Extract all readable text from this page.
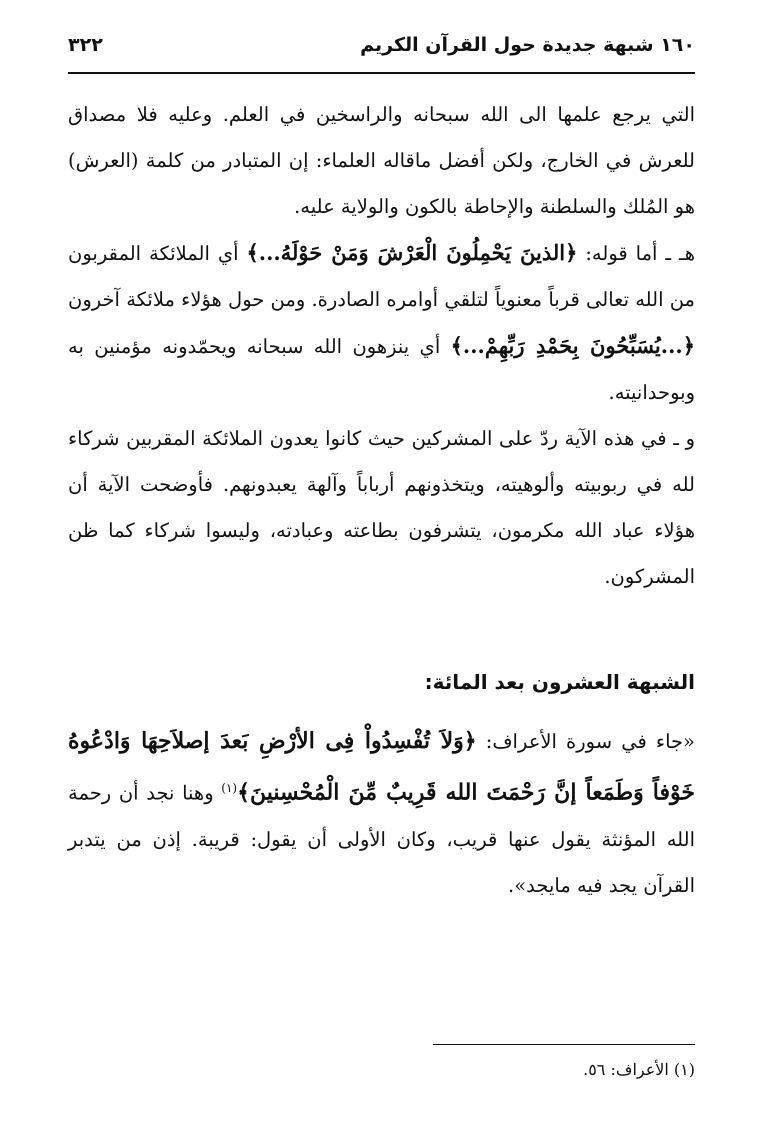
١٦٠ شبهة جديدة حول القرآن الكريم
٣٢٢

التي يرجع علمها الى الله سبحانه والراسخين في العلم. وعليه فلا مصداق للعرش في الخارج، ولكن أفضل ماقاله العلماء: إن المتبادر من كلمة (العرش) هو المُلك والسلطنة والإحاطة بالكون والولاية عليه.

هـ ـ أما قوله: ﴿الذينَ يَحْمِلُونَ الْعَرْشَ وَمَنْ حَوْلَهُ...﴾ أي الملائكة المقربون من الله تعالى قرباً معنوياً لتلقي أوامره الصادرة. ومن حول هؤلاء ملائكة آخرون ﴿...يُسَبِّحُونَ بِحَمْدِ رَبِّهِمْ...﴾ أي ينزهون الله سبحانه ويحمّدونه مؤمنين به وبوحدانيته.

و ـ في هذه الآية ردّ على المشركين حيث كانوا يعدون الملائكة المقربين شركاء لله في ربوبيته وألوهيته، ويتخذونهم أرباباً وآلهة يعبدونهم. فأوضحت الآية أن هؤلاء عباد الله مكرمون، يتشرفون بطاعته وعبادته، وليسوا شركاء كما ظن المشركون.

الشبهة العشرون بعد المائة:

«جاء في سورة الأعراف: ﴿وَلاَ تُفْسِدُواْ فِى الأرْضِ بَعدَ إصلاَحِهَا وَادْعُوهُ خَوْفاً وَطَمَعاً إنَّ رَحْمَتَ الله قَرِيبٌ مِّنَ الْمُحْسِنينَ﴾$^{(١)}$ وهنا نجد أن رحمة الله المؤنثة يقول عنها قريب، وكان الأولى أن يقول: قريبة. إذن من يتدبر القرآن يجد فيه مايجد».

(١) الأعراف: ٥٦.
